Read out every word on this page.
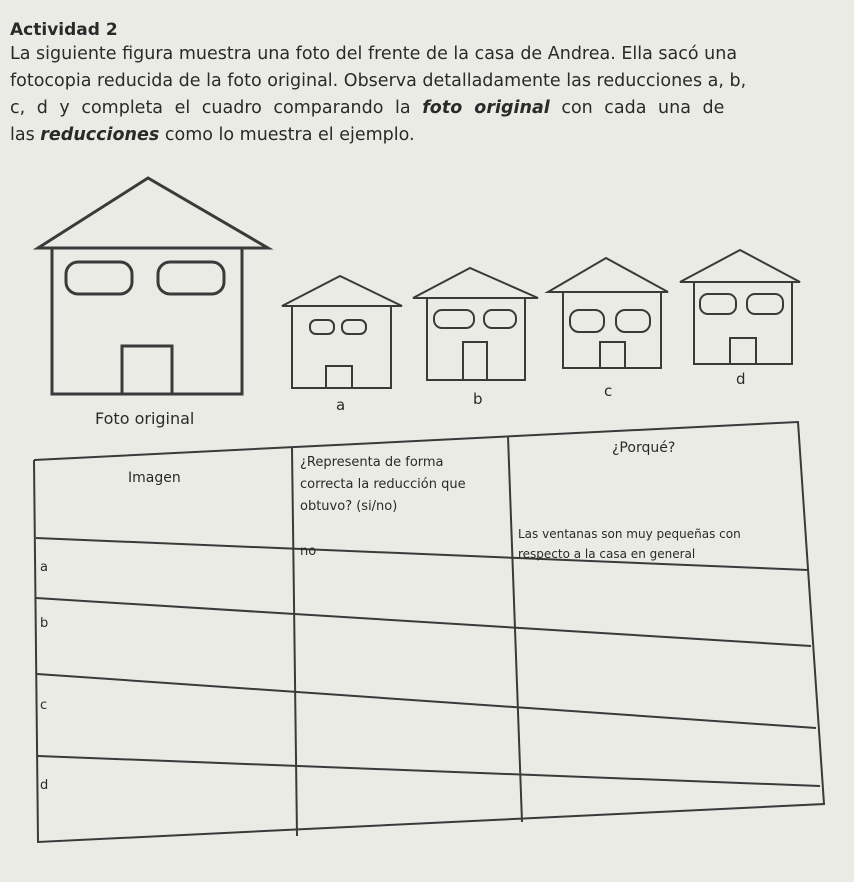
Actividad 2
La siguiente figura muestra una foto del frente de la casa de Andrea. Ella sacó una
fotocopia reducida de la foto original. Observa detalladamente las reducciones a, b,
c, d y completa el cuadro comparando la foto original con cada una de
las reducciones como lo muestra el ejemplo.
Foto original
a	b	c
d
Imagen
¿Representa de forma
correcta la reducción que
obtuvo? (si/no)
¿Porqué?
a
no
Las ventanas son muy pequeñas con
respecto a la casa en general
b
c
d
